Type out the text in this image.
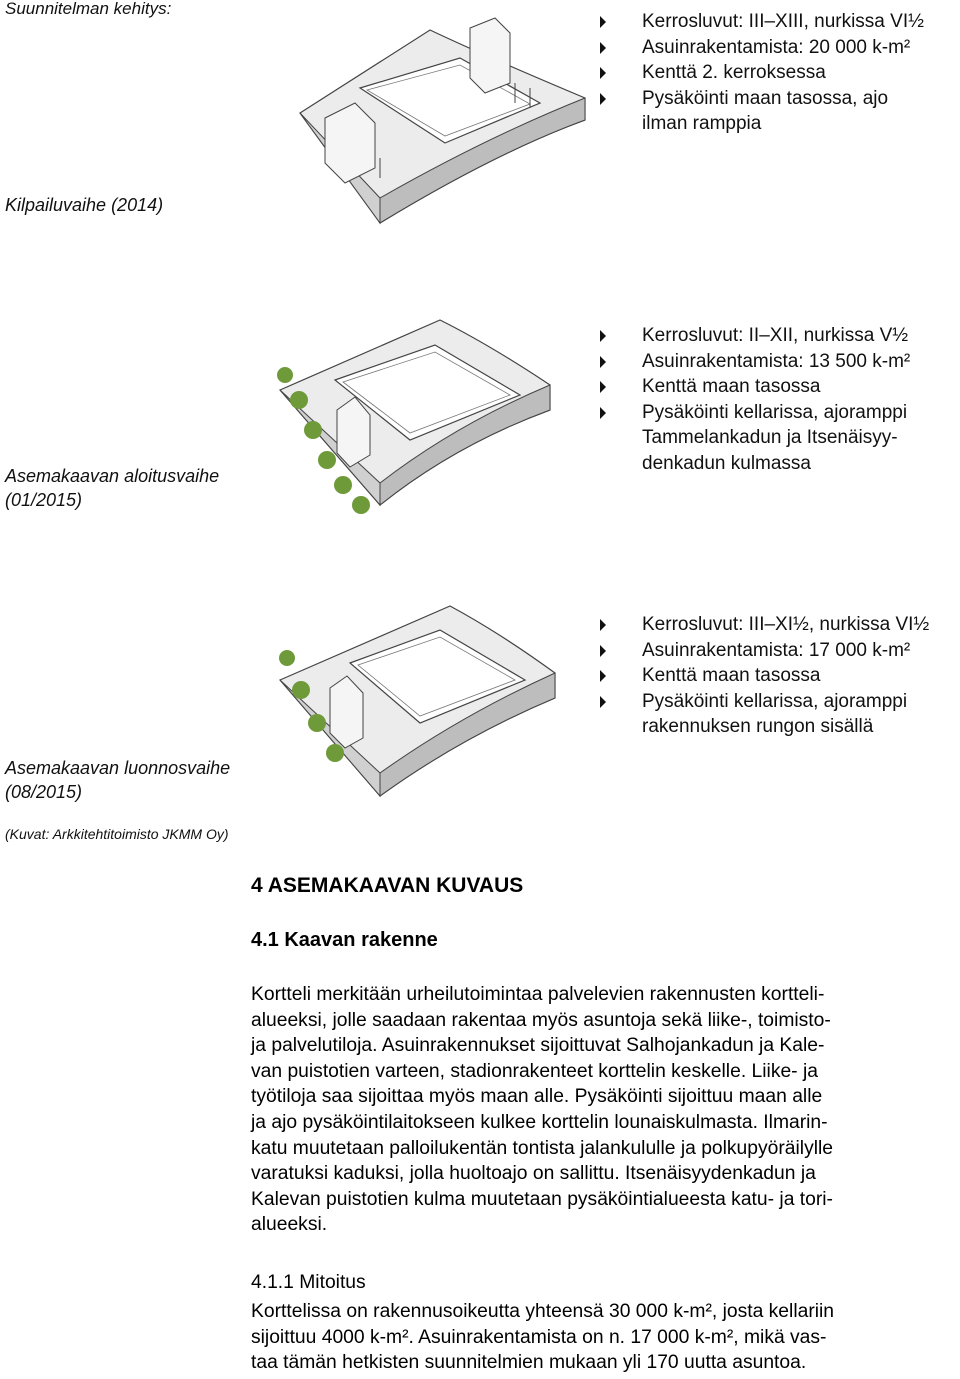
Suunnitelman kehitys:
Kilpailuvaihe (2014)
Kerrosluvut: III–XIII, nurkissa VI½
Asuinrakentamista: 20 000 k-m²
Kenttä 2. kerroksessa
Pysäköinti maan tasossa, ajo
ilman ramppia
Asemakaavan aloitusvaihe
(01/2015)
Kerrosluvut: II–XII, nurkissa V½
Asuinrakentamista: 13 500 k-m²
Kenttä maan tasossa
Pysäköinti kellarissa, ajoramppi
Tammelankadun ja Itsenäisyy-
denkadun kulmassa
Kerrosluvut: III–XI½, nurkissa VI½
Asuinrakentamista: 17 000 k-m²
Kenttä maan tasossa
Pysäköinti kellarissa, ajoramppi
rakennuksen rungon sisällä
Asemakaavan luonnosvaihe
(08/2015)
(Kuvat: Arkkitehtitoimisto JKMM Oy)
4 ASEMAKAAVAN KUVAUS
4.1 Kaavan rakenne
Kortteli merkitään urheilutoimintaa palvelevien rakennusten kortteli-
alueeksi, jolle saadaan rakentaa myös asuntoja sekä liike-, toimisto-
ja palvelutiloja. Asuinrakennukset sijoittuvat Salhojankadun ja Kale-
van puistotien varteen, stadionrakenteet korttelin keskelle. Liike- ja
työtiloja saa sijoittaa myös maan alle. Pysäköinti sijoittuu maan alle
ja ajo pysäköintilaitokseen kulkee korttelin lounaiskulmasta. Ilmarin-
katu muutetaan palloilukentän tontista jalankululle ja polkupyöräilylle
varatuksi kaduksi, jolla huoltoajo on sallittu. Itsenäisyydenkadun ja
Kalevan puistotien kulma muutetaan pysäköintialueesta katu- ja tori-
alueeksi.
4.1.1 Mitoitus
Korttelissa on rakennusoikeutta yhteensä 30 000 k-m², josta kellariin
sijoittuu 4000 k-m². Asuinrakentamista on n. 17 000 k-m², mikä vas-
taa tämän hetkisten suunnitelmien mukaan yli 170 uutta asuntoa.
